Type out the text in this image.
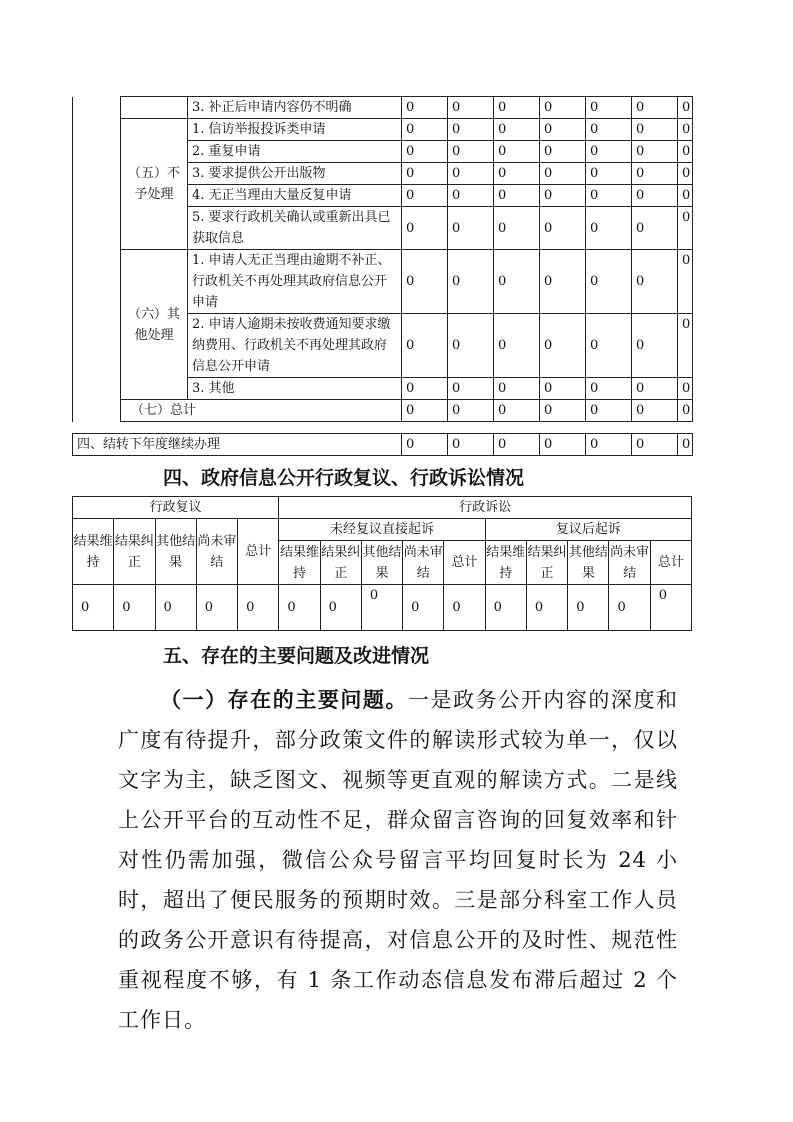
		3. 补正后申请内容仍不明确	0	0	0	0	0	0	0
	（五）不予处理	1. 信访举报投诉类申请	0	0	0	0	0	0	0
		2. 重复申请	0	0	0	0	0	0	0
		3. 要求提供公开出版物	0	0	0	0	0	0	0
		4. 无正当理由大量反复申请	0	0	0	0	0	0	0
		5. 要求行政机关确认或重新出具已获取信息	0	0	0	0	0	0	0
	（六）其他处理	1. 申请人无正当理由逾期不补正、行政机关不再处理其政府信息公开申请	0	0	0	0	0	0	0
		2. 申请人逾期未按收费通知要求缴纳费用、行政机关不再处理其政府信息公开申请	0	0	0	0	0	0	0
		3. 其他	0	0	0	0	0	0	0
	（七）总计		0	0	0	0	0	0	0

四、结转下年度继续办理	0	0	0	0	0	0	0
四、政府信息公开行政复议、行政诉讼情况
行政复议					行政诉讼									
结果维持	结果纠正	其他结果	尚未审结	总计	未经复议直接起诉					复议后起诉				
					结果维持	结果纠正	其他结果	尚未审结	总计	结果维持	结果纠正	其他结果	尚未审结	总计
0	0	0	0	0	0	0	0	0	0	0	0	0	0	0
五、存在的主要问题及改进情况
（一）存在的主要问题。一是政务公开内容的深度和广度有待提升，部分政策文件的解读形式较为单一，仅以文字为主，缺乏图文、视频等更直观的解读方式。二是线上公开平台的互动性不足，群众留言咨询的回复效率和针对性仍需加强，微信公众号留言平均回复时长为 24 小时，超出了便民服务的预期时效。三是部分科室工作人员的政务公开意识有待提高，对信息公开的及时性、规范性重视程度不够，有 1 条工作动态信息发布滞后超过 2 个工作日。
